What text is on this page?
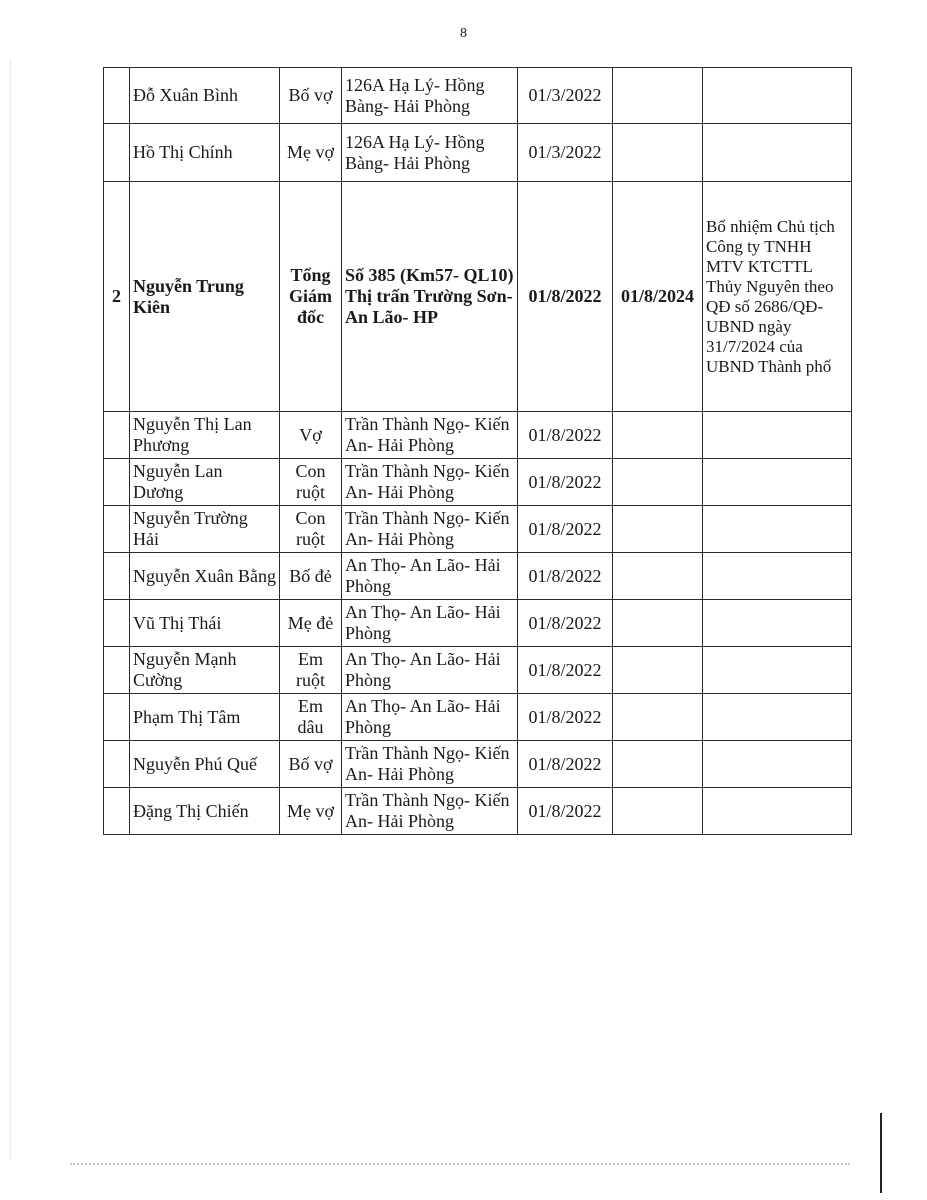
8
	Đỗ Xuân Bình	Bố vợ	126A Hạ Lý- Hồng Bàng- Hải Phòng	01/3/2022		
	Hồ Thị Chính	Mẹ vợ	126A Hạ Lý- Hồng Bàng- Hải Phòng	01/3/2022		
2	Nguyễn Trung Kiên	Tổng Giám đốc	Số 385 (Km57- QL10) Thị trấn Trường Sơn- An Lão- HP	01/8/2022	01/8/2024	Bổ nhiệm Chủ tịch Công ty TNHH MTV KTCTTL Thủy Nguyên theo QĐ số 2686/QĐ-UBND ngày 31/7/2024 của UBND Thành phố
	Nguyễn Thị Lan Phương	Vợ	Trần Thành Ngọ- Kiến An- Hải Phòng	01/8/2022		
	Nguyễn Lan Dương	Con ruột	Trần Thành Ngọ- Kiến An- Hải Phòng	01/8/2022		
	Nguyễn Trường Hải	Con ruột	Trần Thành Ngọ- Kiến An- Hải Phòng	01/8/2022		
	Nguyễn Xuân Bằng	Bố đẻ	An Thọ- An Lão- Hải Phòng	01/8/2022		
	Vũ Thị Thái	Mẹ đẻ	An Thọ- An Lão- Hải Phòng	01/8/2022		
	Nguyễn Mạnh Cường	Em ruột	An Thọ- An Lão- Hải Phòng	01/8/2022		
	Phạm Thị Tâm	Em dâu	An Thọ- An Lão- Hải Phòng	01/8/2022		
	Nguyễn Phú Quế	Bố vợ	Trần Thành Ngọ- Kiến An- Hải Phòng	01/8/2022		
	Đặng Thị Chiến	Mẹ vợ	Trần Thành Ngọ- Kiến An- Hải Phòng	01/8/2022		
